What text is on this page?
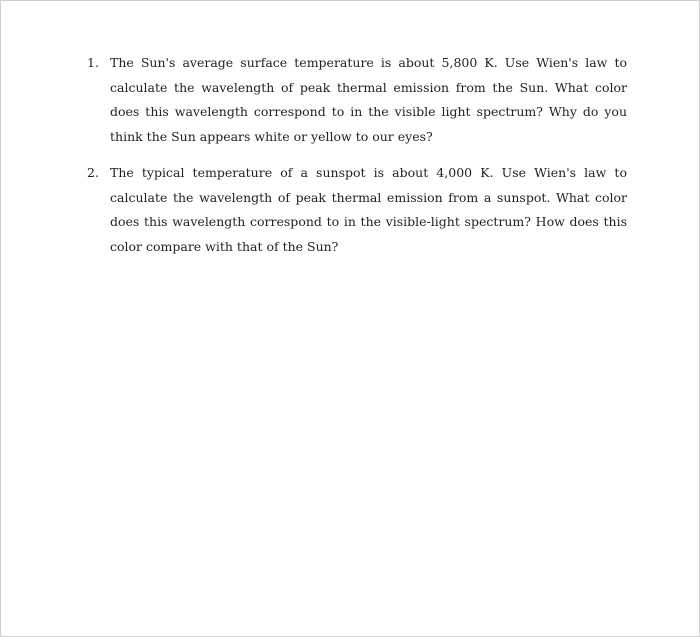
1. The Sun's average surface temperature is about 5,800 K. Use Wien's law to calculate the wavelength of peak thermal emission from the Sun. What color does this wavelength correspond to in the visible light spectrum? Why do you think the Sun appears white or yellow to our eyes?
2. The typical temperature of a sunspot is about 4,000 K. Use Wien's law to calculate the wavelength of peak thermal emission from a sunspot. What color does this wavelength correspond to in the visible-light spectrum? How does this color compare with that of the Sun?
